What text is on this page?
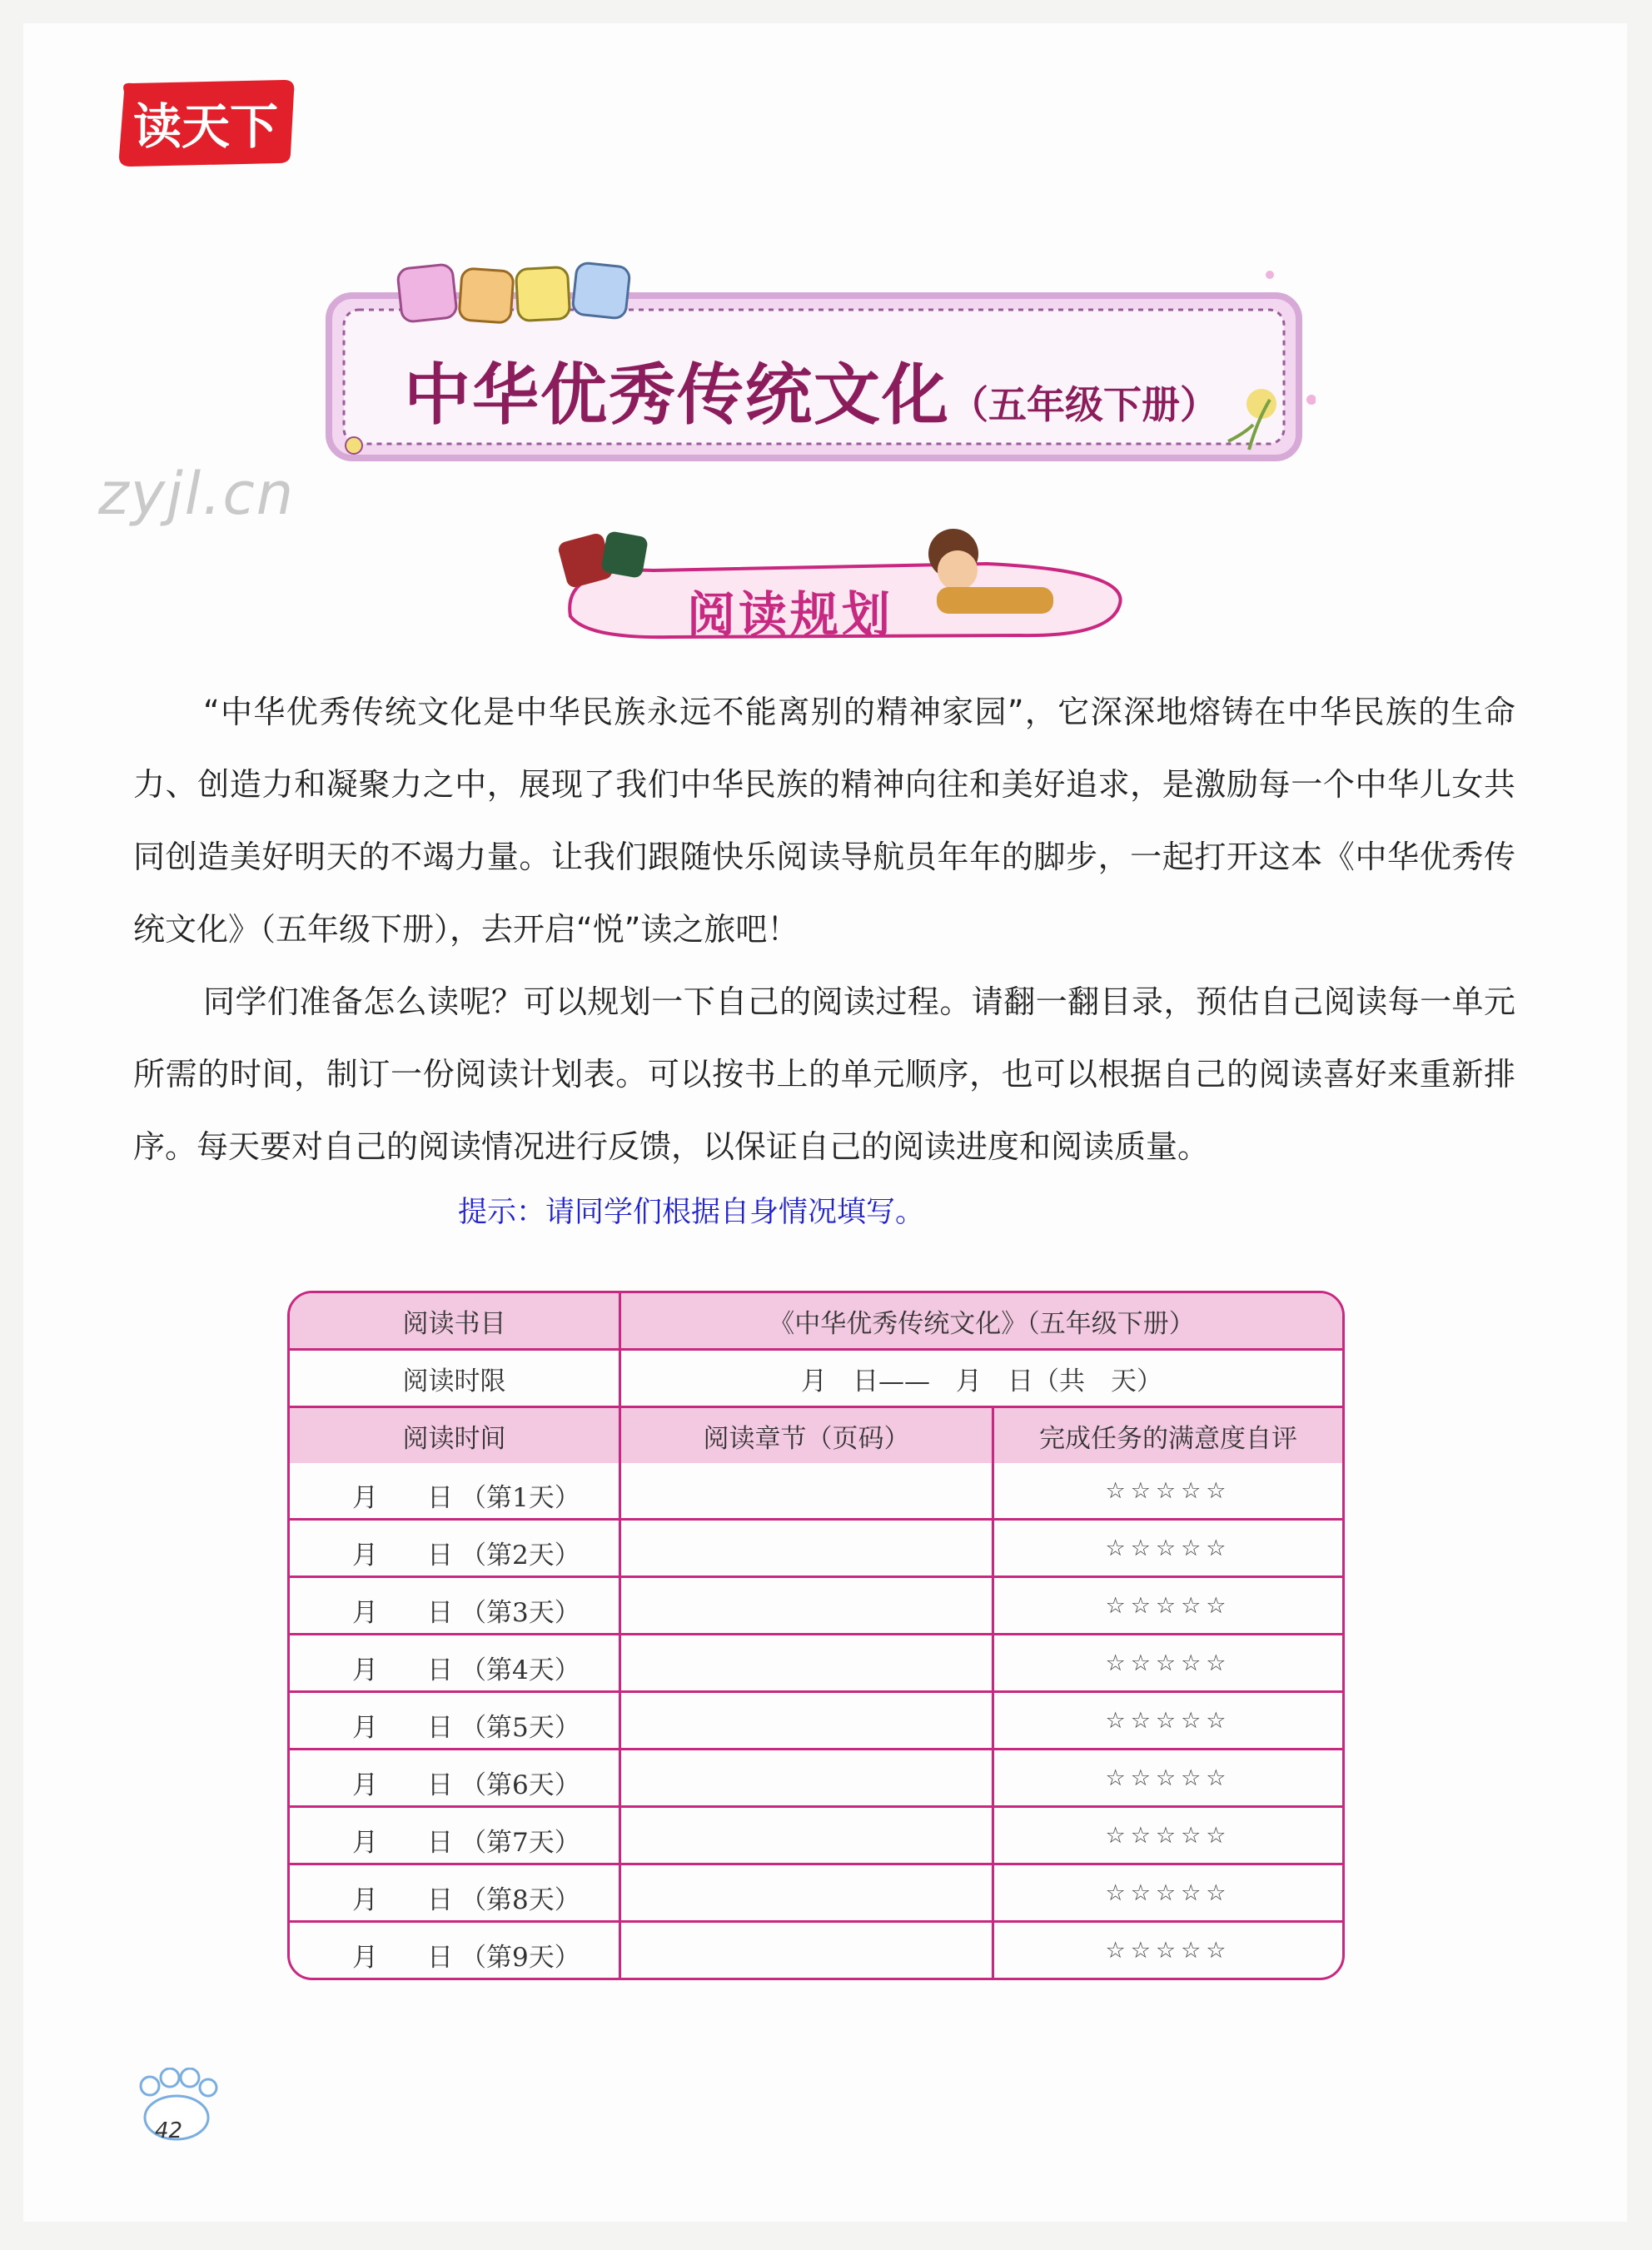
读天下
zyjl.cn
中华优秀传统文化（五年级下册）
阅读规划

“中华优秀传统文化是中华民族永远不能离别的精神家园”，它深深地熔铸在中华民族的生命力、创造力和凝聚力之中，展现了我们中华民族的精神向往和美好追求，是激励每一个中华儿女共同创造美好明天的不竭力量。让我们跟随快乐阅读导航员年年的脚步，一起打开这本《中华优秀传统文化》（五年级下册），去开启“悦”读之旅吧！

同学们准备怎么读呢？可以规划一下自己的阅读过程。请翻一翻目录，预估自己阅读每一单元所需的时间，制订一份阅读计划表。可以按书上的单元顺序，也可以根据自己的阅读喜好来重新排序。每天要对自己的阅读情况进行反馈，以保证自己的阅读进度和阅读质量。

提示：请同学们根据自身情况填写。
阅读书目	《中华优秀传统文化》（五年级下册）	
阅读时限	月　日——　月　日（共　天）	
阅读时间	阅读章节（页码）	完成任务的满意度自评

月 日 （第1天）		☆☆☆☆☆

月 日 （第2天）		☆☆☆☆☆

月 日 （第3天）		☆☆☆☆☆

月 日 （第4天）		☆☆☆☆☆

月 日 （第5天）		☆☆☆☆☆

月 日 （第6天）		☆☆☆☆☆

月 日 （第7天）		☆☆☆☆☆

月 日 （第8天）		☆☆☆☆☆

月 日 （第9天）		☆☆☆☆☆
42
